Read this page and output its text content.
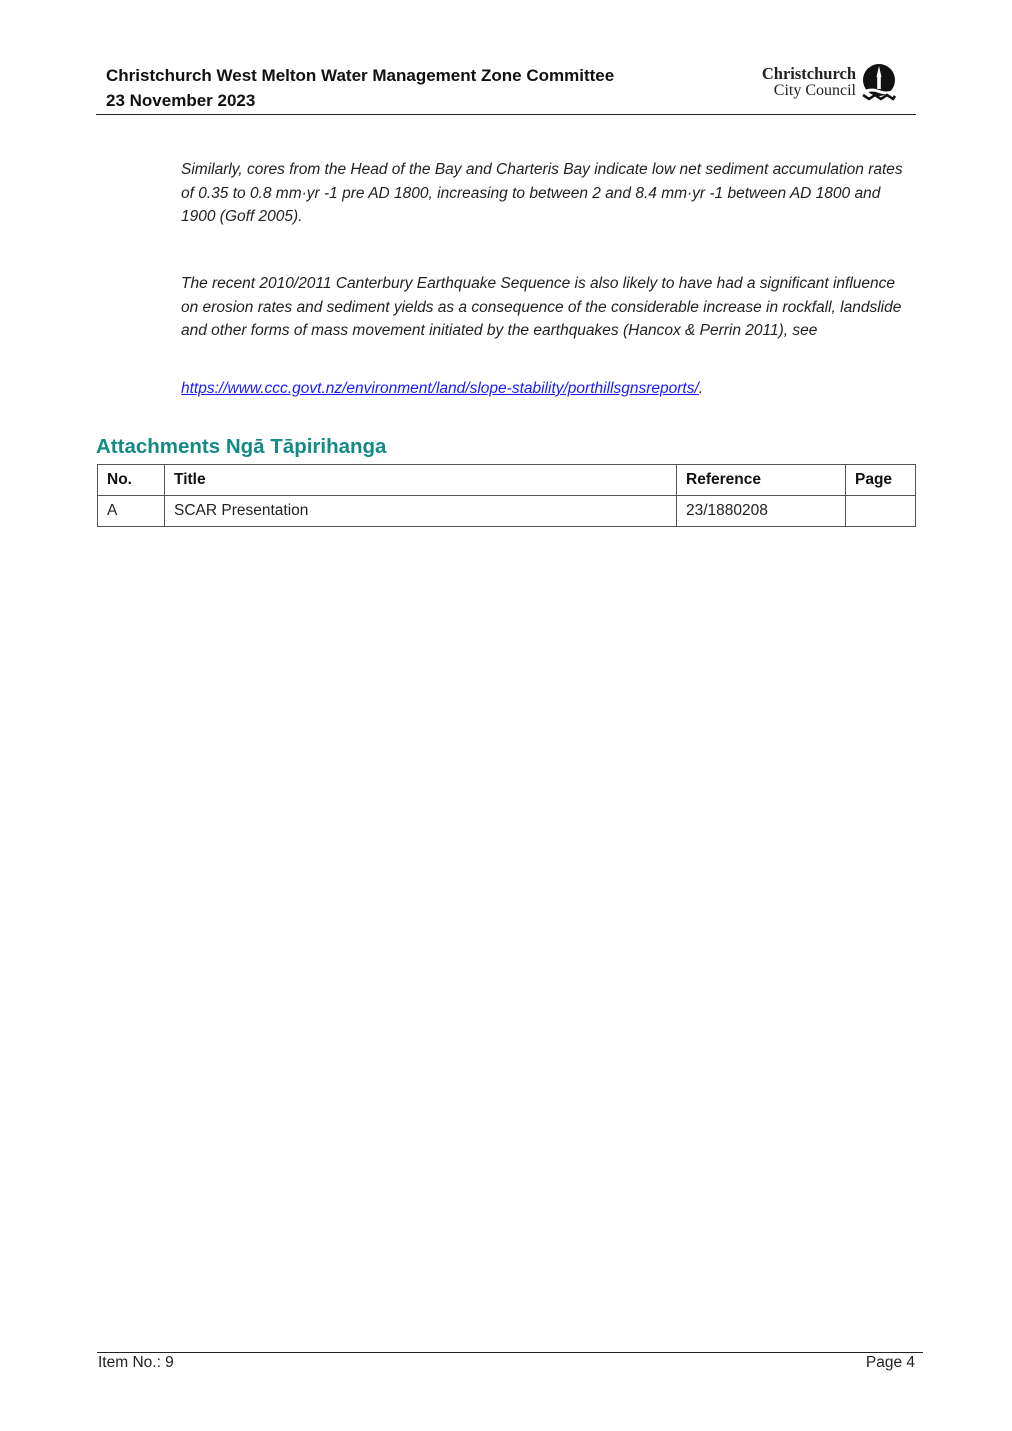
Christchurch West Melton Water Management Zone Committee
23 November 2023
Christchurch
City Council

Similarly, cores from the Head of the Bay and Charteris Bay indicate low net sediment accumulation rates of 0.35 to 0.8 mm·yr -1 pre AD 1800, increasing to between 2 and 8.4 mm·yr -1 between AD 1800 and 1900 (Goff 2005).

The recent 2010/2011 Canterbury Earthquake Sequence is also likely to have had a significant influence on erosion rates and sediment yields as a consequence of the considerable increase in rockfall, landslide and other forms of mass movement initiated by the earthquakes (Hancox & Perrin 2011), see

https://www.ccc.govt.nz/environment/land/slope-stability/porthillsgnsreports/.

Attachments Ngā Tāpirihanga
No.	Title	Reference	Page
A	SCAR Presentation	23/1880208	
Item No.: 9	Page 4
